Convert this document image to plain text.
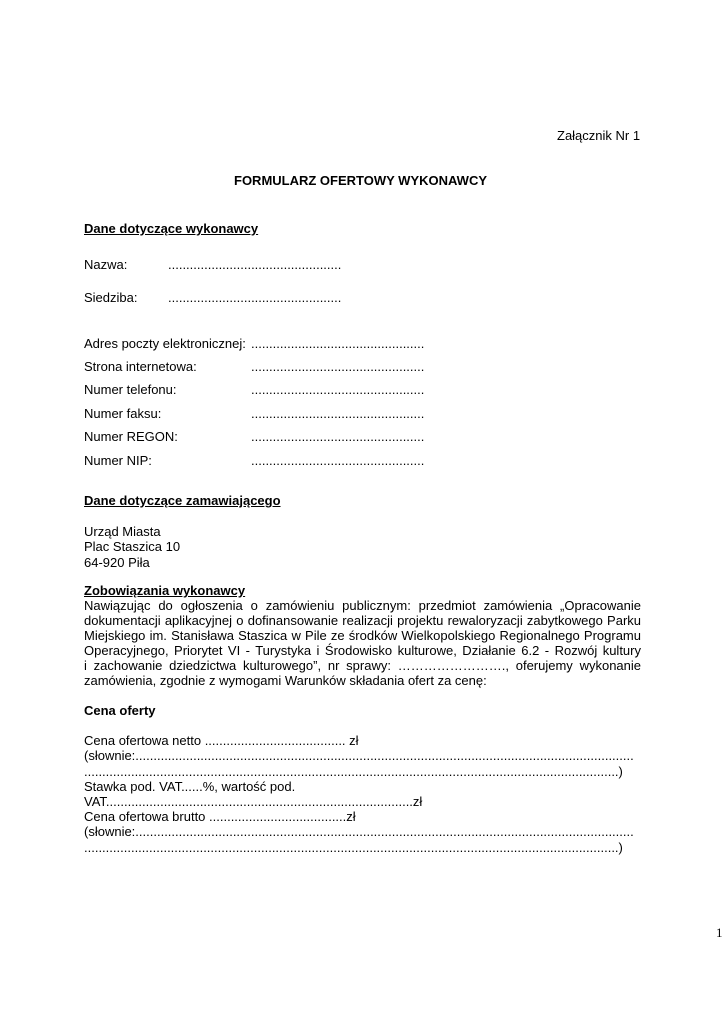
Załącznik Nr 1
FORMULARZ OFERTOWY WYKONAWCY
Dane dotyczące wykonawcy
Nazwa:	................................................
Siedziba: ................................................
Adres poczty elektronicznej: ................................................
Strona internetowa:	................................................
Numer telefonu:	................................................
Numer faksu:	................................................
Numer REGON:	................................................
Numer NIP:	................................................
Dane dotyczące zamawiającego
Urząd Miasta
Plac Staszica 10
64-920 Piła
Zobowiązania wykonawcy
Nawiązując do ogłoszenia o zamówieniu publicznym: przedmiot zamówienia „Opracowanie
dokumentacji aplikacyjnej o dofinansowanie realizacji projektu rewaloryzacji zabytkowego Parku
Miejskiego im. Stanisława Staszica w Pile ze środków Wielkopolskiego Regionalnego Programu
Operacyjnego, Priorytet VI - Turystyka i Środowisko kulturowe, Działanie 6.2 - Rozwój kultury
i zachowanie dziedzictwa kulturowego”, nr sprawy: ……………………., oferujemy wykonanie
zamówienia, zgodnie z wymogami Warunków składania ofert za cenę:
Cena oferty
Cena ofertowa netto ....................................... zł
(słownie:..........................................................................................................................................
....................................................................................................................................................)
Stawka pod. VAT......%, wartość pod.
VAT.....................................................................................zł
Cena ofertowa brutto ......................................zł
(słownie:..........................................................................................................................................
....................................................................................................................................................)
1
